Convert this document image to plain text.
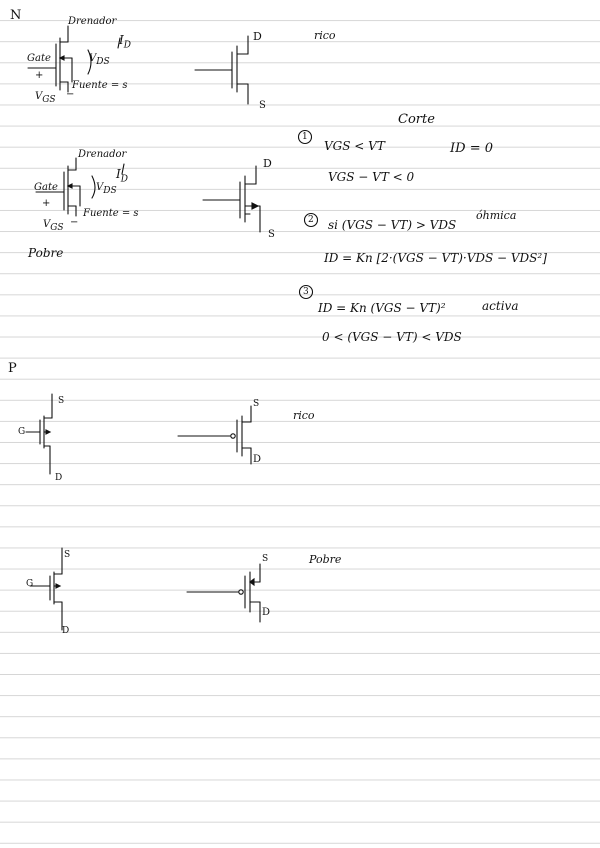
N	Drenador
$I_D$
Gate	$V_{DS}$
+
Fuente = s
$V_{GS}$ −
D
S
rico
Drenador
$I_D$
Gate	$V_{DS}$
+
Fuente = s
$V_{GS}$ −
Pobre
D
S
Corte
1
VGS < VT	ID = 0
VGS − VT < 0
2 si (VGS − VT) > VDS
óhmica
ID = Kn [2·(VGS − VT)·VDS − VDS²]
3
ID = Kn (VGS − VT)²	activa
0 < (VGS − VT) < VDS
P
S
G
D
S
D
rico
S
G
D
S
D
Pobre
